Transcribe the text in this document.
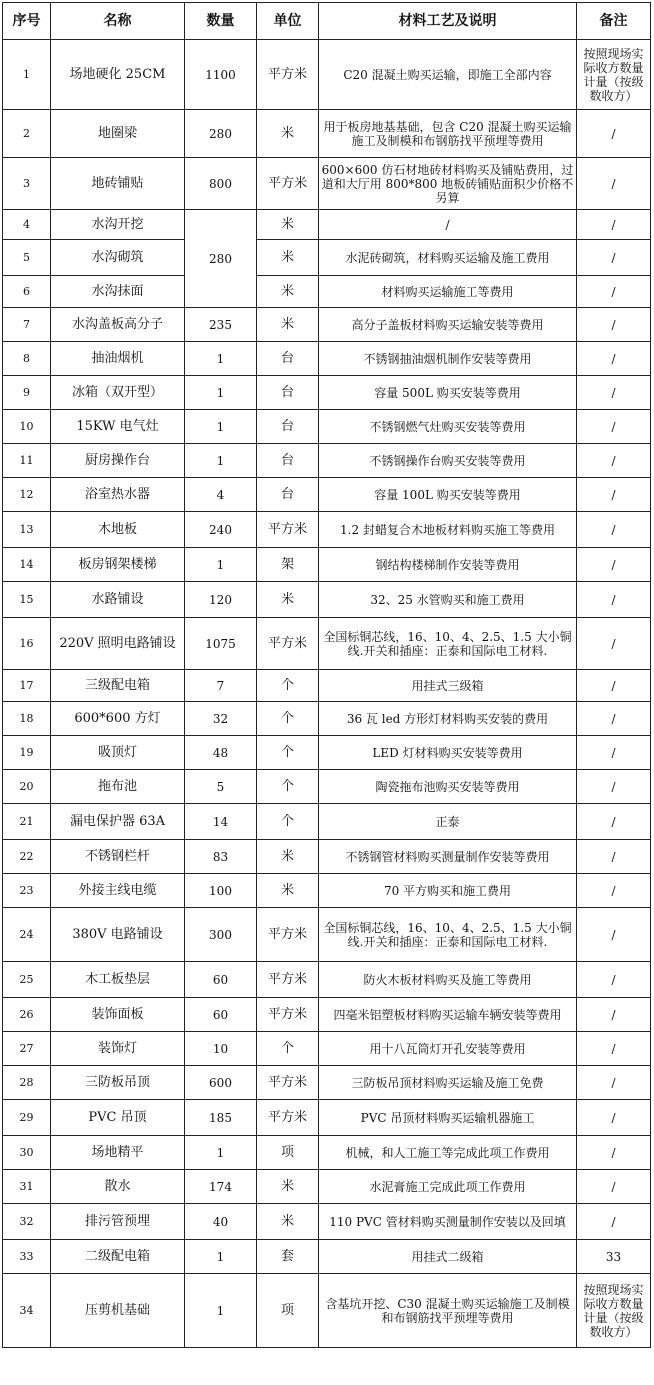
序号	名称	数量	单位	材料工艺及说明	备注
1	场地硬化 25CM	1100	平方米	C20 混凝土购买运输，即施工全部内容	按照现场实际收方数量计量（按级数收方）
2	地圈梁	280	米	用于板房地基基础，包含 C20 混凝土购买运输施工及制模和布钢筋找平预埋等费用	/
3	地砖铺贴	800	平方米	600×600 仿石材地砖材料购买及铺贴费用，过道和大厅用 800*800 地板砖铺贴面积少价格不另算	/
4	水沟开挖	280	米	/	/
5	水沟砌筑		米	水泥砖砌筑，材料购买运输及施工费用	/
6	水沟抹面		米	材料购买运输施工等费用	/
7	水沟盖板高分子	235	米	高分子盖板材料购买运输安装等费用	/
8	抽油烟机	1	台	不锈钢抽油烟机制作安装等费用	/
9	冰箱（双开型）	1	台	容量 500L 购买安装等费用	/
10	15KW 电气灶	1	台	不锈钢燃气灶购买安装等费用	/
11	厨房操作台	1	台	不锈钢操作台购买安装等费用	/
12	浴室热水器	4	台	容量 100L 购买安装等费用	/
13	木地板	240	平方米	1.2 封蜡复合木地板材料购买施工等费用	/
14	板房钢架楼梯	1	架	钢结构楼梯制作安装等费用	/
15	水路铺设	120	米	32、25 水管购买和施工费用	/
16	220V 照明电路铺设	1075	平方米	全国标铜芯线，16、10、4、2.5、1.5 大小铜线.开关和插座：正泰和国际电工材料.	/
17	三级配电箱	7	个	用挂式三级箱	/
18	600*600 方灯	32	个	36 瓦 led 方形灯材料购买安装的费用	/
19	吸顶灯	48	个	LED 灯材料购买安装等费用	/
20	拖布池	5	个	陶瓷拖布池购买安装等费用	/
21	漏电保护器 63A	14	个	正泰	/
22	不锈钢栏杆	83	米	不锈钢管材料购买测量制作安装等费用	/
23	外接主线电缆	100	米	70 平方购买和施工费用	/
24	380V 电路铺设	300	平方米	全国标铜芯线，16、10、4、2.5、1.5 大小铜线.开关和插座：正泰和国际电工材料.	/
25	木工板垫层	60	平方米	防火木板材料购买及施工等费用	/
26	装饰面板	60	平方米	四毫米铝塑板材料购买运输车辆安装等费用	/
27	装饰灯	10	个	用十八瓦筒灯开孔安装等费用	/
28	三防板吊顶	600	平方米	三防板吊顶材料购买运输及施工免费	/
29	PVC 吊顶	185	平方米	PVC 吊顶材料购买运输机器施工	/
30	场地精平	1	项	机械，和人工施工等完成此项工作费用	/
31	散水	174	米	水泥膏施工完成此项工作费用	/
32	排污管预埋	40	米	110 PVC 管材料购买测量制作安装以及回填	/
33	二级配电箱	1	套	用挂式二级箱	33
34	压剪机基础	1	项	含基坑开挖、C30 混凝土购买运输施工及制模和布钢筋找平预埋等费用	按照现场实际收方数量计量（按级数收方）
